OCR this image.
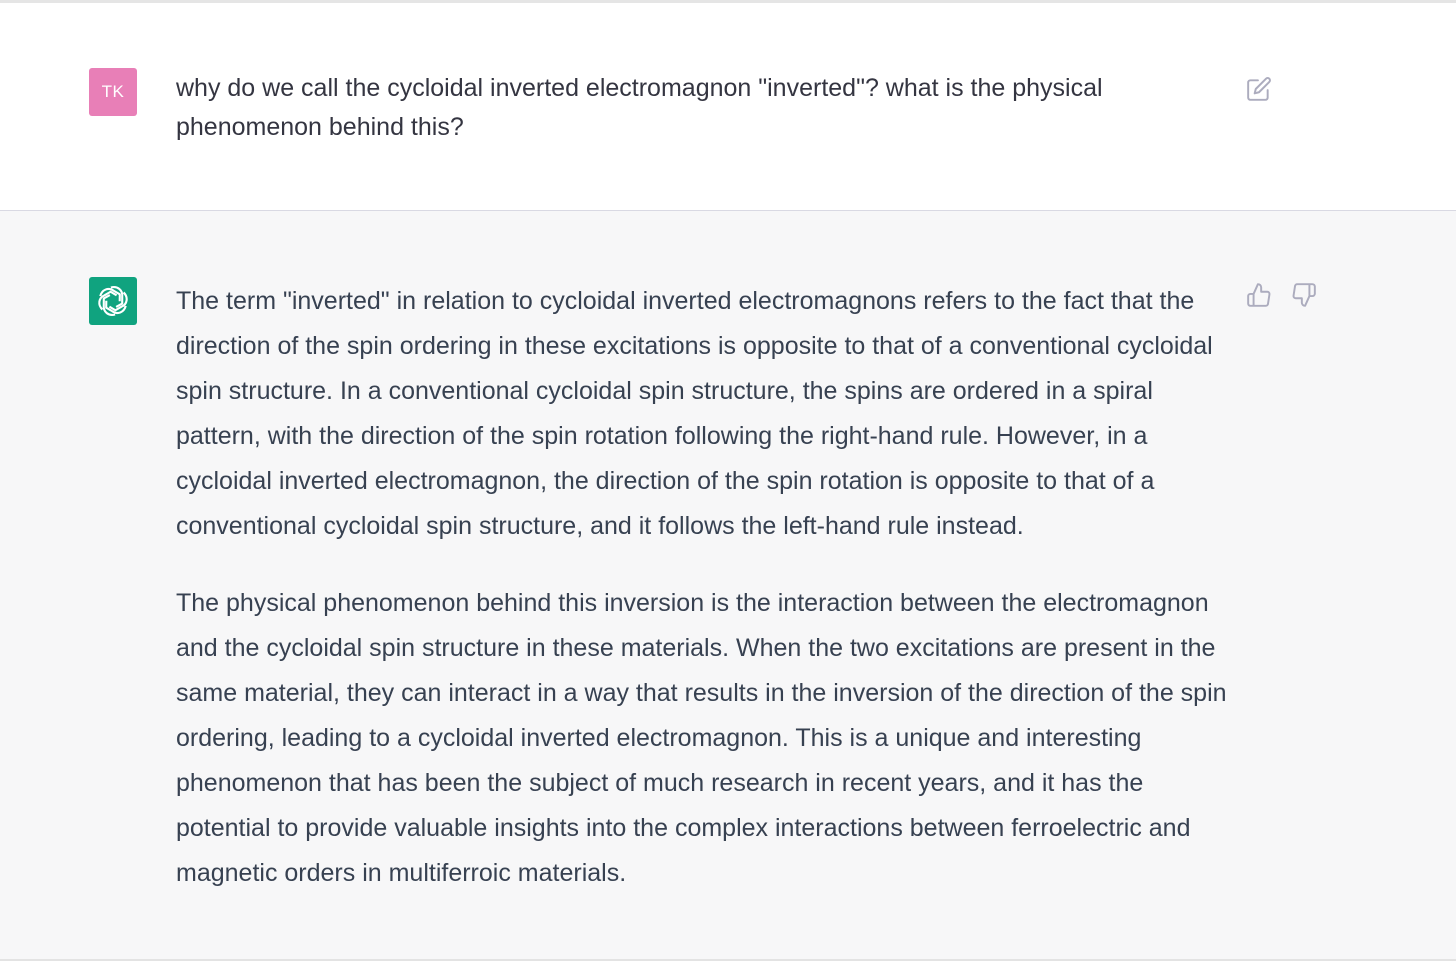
TK why do we call the cycloidal inverted electromagnon "inverted"? what is the physical phenomenon behind this?

The term "inverted" in relation to cycloidal inverted electromagnons refers to the fact that the direction of the spin ordering in these excitations is opposite to that of a conventional cycloidal spin structure. In a conventional cycloidal spin structure, the spins are ordered in a spiral pattern, with the direction of the spin rotation following the right-hand rule. However, in a cycloidal inverted electromagnon, the direction of the spin rotation is opposite to that of a conventional cycloidal spin structure, and it follows the left-hand rule instead.

The physical phenomenon behind this inversion is the interaction between the electromagnon and the cycloidal spin structure in these materials. When the two excitations are present in the same material, they can interact in a way that results in the inversion of the direction of the spin ordering, leading to a cycloidal inverted electromagnon. This is a unique and interesting phenomenon that has been the subject of much research in recent years, and it has the potential to provide valuable insights into the complex interactions between ferroelectric and magnetic orders in multiferroic materials.
